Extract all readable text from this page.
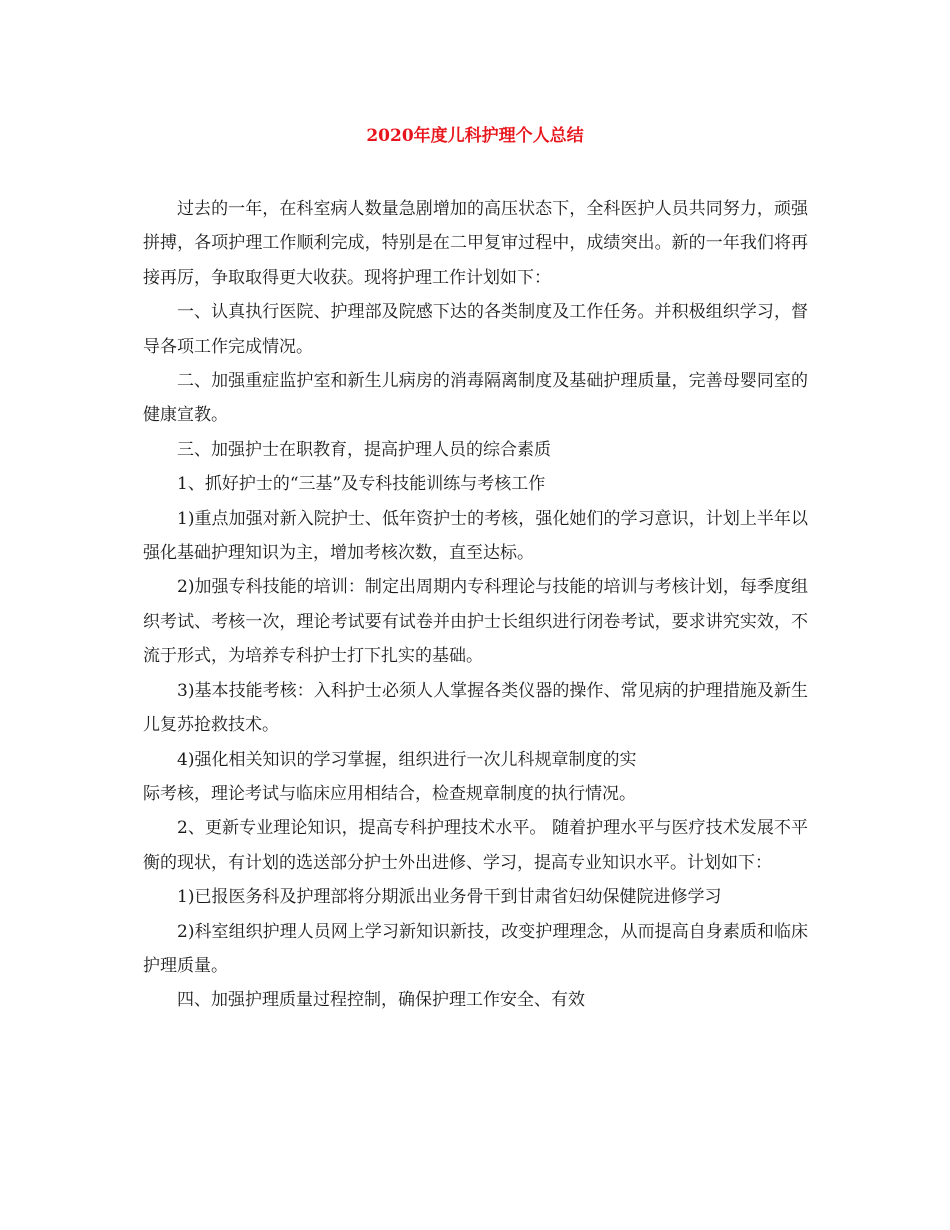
2020年度儿科护理个人总结

过去的一年，在科室病人数量急剧增加的高压状态下，全科医护人员共同努力，顽强拼搏，各项护理工作顺利完成，特别是在二甲复审过程中，成绩突出。新的一年我们将再接再厉，争取取得更大收获。现将护理工作计划如下：

一、认真执行医院、护理部及院感下达的各类制度及工作任务。并积极组织学习，督导各项工作完成情况。

二、加强重症监护室和新生儿病房的消毒隔离制度及基础护理质量，完善母婴同室的健康宣教。

三、加强护士在职教育，提高护理人员的综合素质

1、抓好护士的“三基”及专科技能训练与考核工作

1)重点加强对新入院护士、低年资护士的考核，强化她们的学习意识，计划上半年以强化基础护理知识为主，增加考核次数，直至达标。

2)加强专科技能的培训：制定出周期内专科理论与技能的培训与考核计划，每季度组织考试、考核一次，理论考试要有试卷并由护士长组织进行闭卷考试，要求讲究实效，不流于形式，为培养专科护士打下扎实的基础。

3)基本技能考核：入科护士必须人人掌握各类仪器的操作、常见病的护理措施及新生儿复苏抢救技术。

4)强化相关知识的学习掌握，组织进行一次儿科规章制度的实

际考核，理论考试与临床应用相结合，检查规章制度的执行情况。

2、更新专业理论知识，提高专科护理技术水平。 随着护理水平与医疗技术发展不平衡的现状，有计划的选送部分护士外出进修、学习，提高专业知识水平。计划如下：

1)已报医务科及护理部将分期派出业务骨干到甘肃省妇幼保健院进修学习

2)科室组织护理人员网上学习新知识新技，改变护理理念，从而提高自身素质和临床护理质量。

四、加强护理质量过程控制，确保护理工作安全、有效
